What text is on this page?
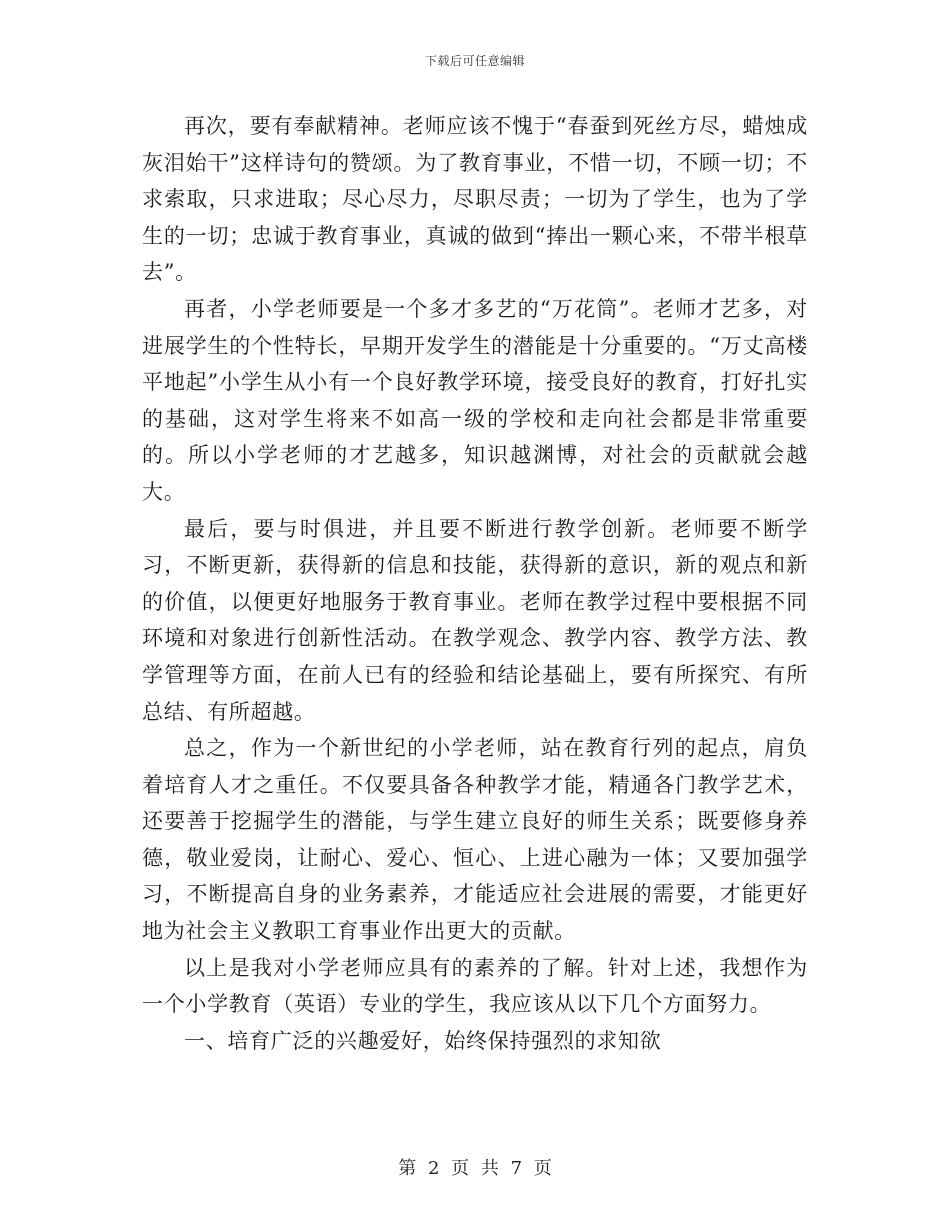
下载后可任意编辑

再次，要有奉献精神。老师应该不愧于“春蚕到死丝方尽，蜡烛成灰泪始干”这样诗句的赞颂。为了教育事业，不惜一切，不顾一切；不求索取，只求进取；尽心尽力，尽职尽责；一切为了学生，也为了学生的一切；忠诚于教育事业，真诚的做到“捧出一颗心来，不带半根草去”。

再者，小学老师要是一个多才多艺的“万花筒”。老师才艺多，对进展学生的个性特长，早期开发学生的潜能是十分重要的。“万丈高楼平地起”小学生从小有一个良好教学环境，接受良好的教育，打好扎实的基础，这对学生将来不如高一级的学校和走向社会都是非常重要的。所以小学老师的才艺越多，知识越渊博，对社会的贡献就会越大。

最后，要与时俱进，并且要不断进行教学创新。老师要不断学习，不断更新，获得新的信息和技能，获得新的意识，新的观点和新的价值，以便更好地服务于教育事业。老师在教学过程中要根据不同环境和对象进行创新性活动。在教学观念、教学内容、教学方法、教学管理等方面，在前人已有的经验和结论基础上，要有所探究、有所总结、有所超越。

总之，作为一个新世纪的小学老师，站在教育行列的起点，肩负着培育人才之重任。不仅要具备各种教学才能，精通各门教学艺术，还要善于挖掘学生的潜能，与学生建立良好的师生关系；既要修身养德，敬业爱岗，让耐心、爱心、恒心、上进心融为一体；又要加强学习，不断提高自身的业务素养，才能适应社会进展的需要，才能更好地为社会主义教职工育事业作出更大的贡献。

以上是我对小学老师应具有的素养的了解。针对上述，我想作为一个小学教育（英语）专业的学生，我应该从以下几个方面努力。

一、培育广泛的兴趣爱好，始终保持强烈的求知欲

第 2 页 共 7 页
